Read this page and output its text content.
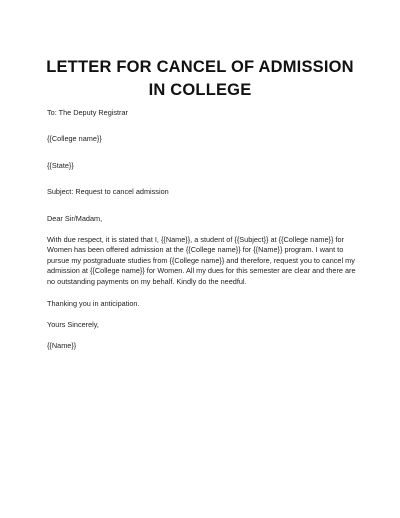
LETTER FOR CANCEL OF ADMISSION IN COLLEGE

To: The Deputy Registrar

{{College name}}

{{State}}

Subject: Request to cancel admission

Dear Sir/Madam,

With due respect, it is stated that I, {{Name}}, a student of {{Subject}} at {{College name}} for Women has been offered admission at the {{College name}} for {{Name}} program. I want to pursue my postgraduate studies from {{College name}} and therefore, request you to cancel my admission at {{College name}} for Women. All my dues for this semester are clear and there are no outstanding payments on my behalf. Kindly do the needful.

Thanking you in anticipation.

Yours Sincerely,

{{Name}}
